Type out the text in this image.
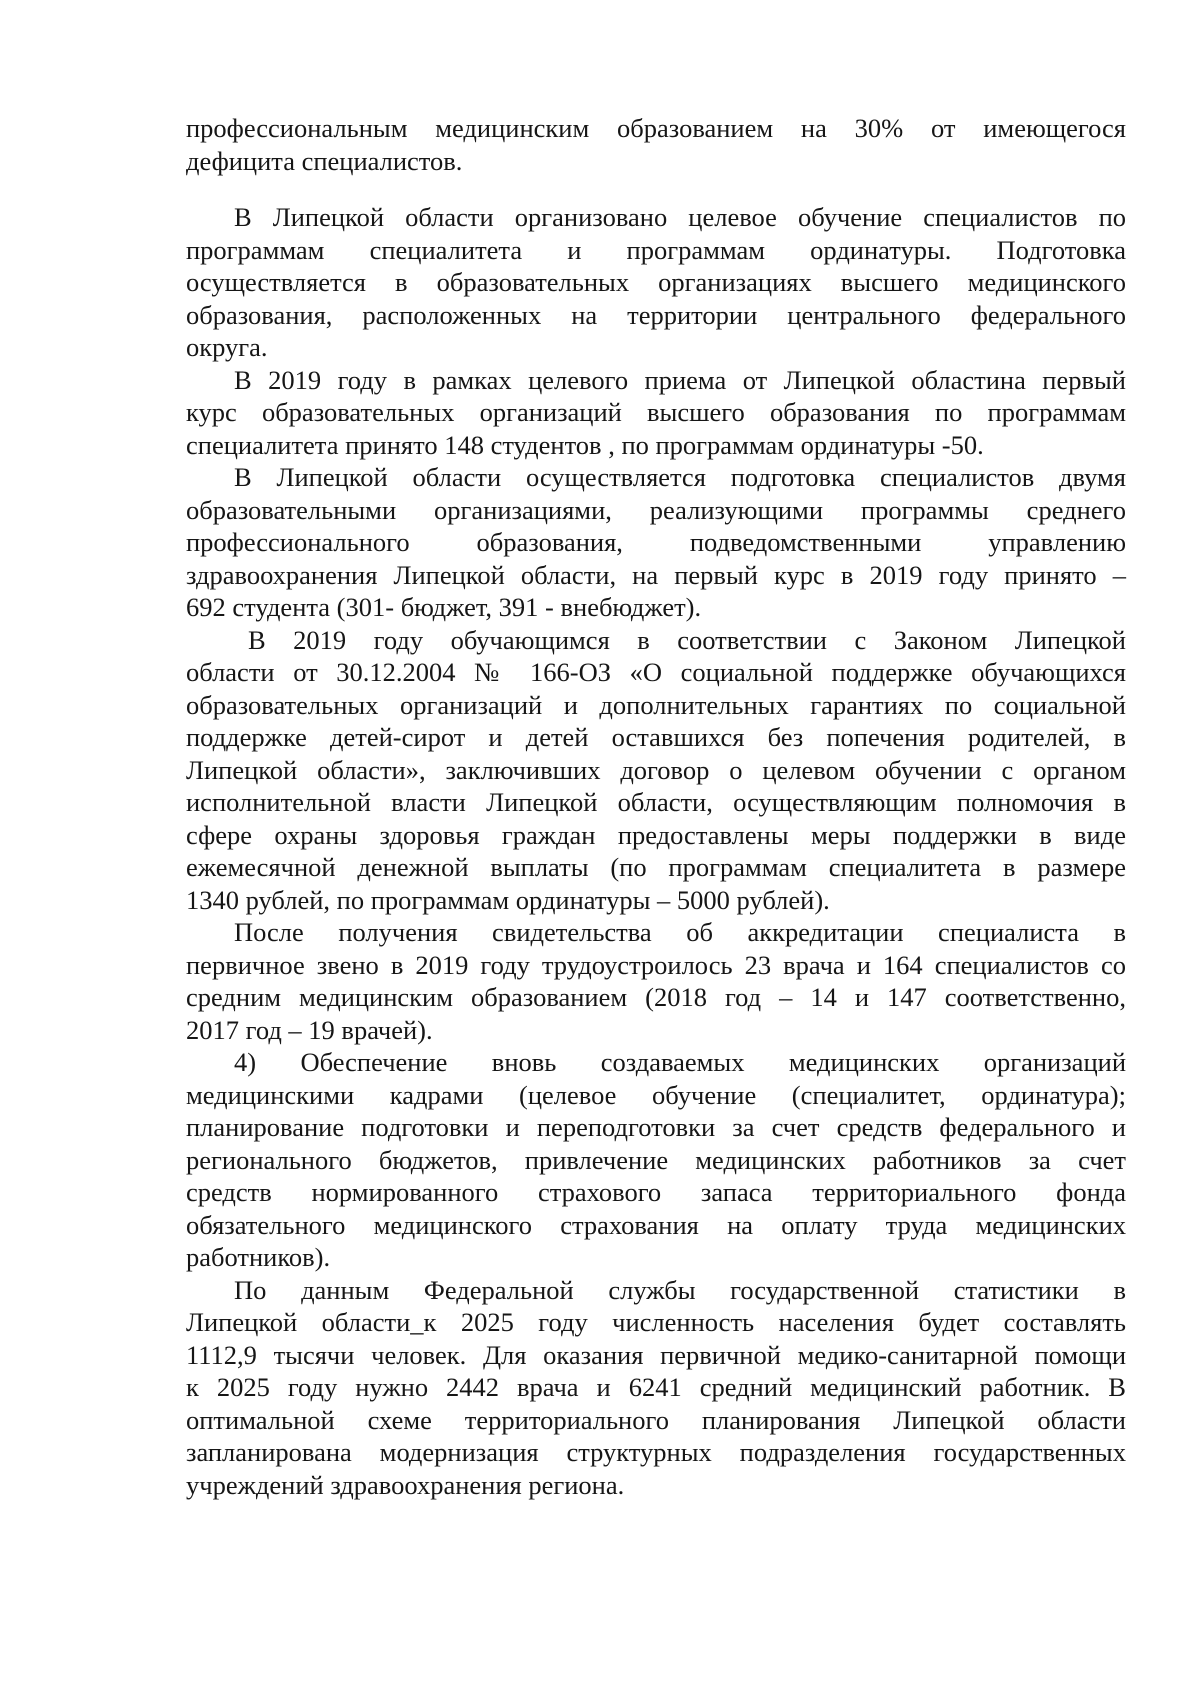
профессиональным медицинским образованием на 30% от имеющегося
дефицита специалистов.
В Липецкой области организовано целевое обучение специалистов по
программам специалитета и программам ординатуры. Подготовка
осуществляется в образовательных организациях высшего медицинского
образования, расположенных на территории центрального федерального
округа.
В 2019 году в рамках целевого приема от Липецкой областина первый
курс образовательных организаций высшего образования по программам
специалитета принято 148 студентов , по программам ординатуры -50.
В Липецкой области осуществляется подготовка специалистов двумя
образовательными организациями, реализующими программы среднего
профессионального образования, подведомственными управлению
здравоохранения Липецкой области, на первый курс в 2019 году принято –
692 студента (301- бюджет, 391 - внебюджет).
В 2019 году обучающимся в соответствии с Законом Липецкой
области от 30.12.2004 № 166-ОЗ «О социальной поддержке обучающихся
образовательных организаций и дополнительных гарантиях по социальной
поддержке детей-сирот и детей оставшихся без попечения родителей, в
Липецкой области», заключивших договор о целевом обучении с органом
исполнительной власти Липецкой области, осуществляющим полномочия в
сфере охраны здоровья граждан предоставлены меры поддержки в виде
ежемесячной денежной выплаты (по программам специалитета в размере
1340 рублей, по программам ординатуры – 5000 рублей).
После получения свидетельства об аккредитации специалиста в
первичное звено в 2019 году трудоустроилось 23 врача и 164 специалистов со
средним медицинским образованием (2018 год – 14 и 147 соответственно,
2017 год – 19 врачей).
4) Обеспечение вновь создаваемых медицинских организаций
медицинскими кадрами (целевое обучение (специалитет, ординатура);
планирование подготовки и переподготовки за счет средств федерального и
регионального бюджетов, привлечение медицинских работников за счет
средств нормированного страхового запаса территориального фонда
обязательного медицинского страхования на оплату труда медицинских
работников).
По данным Федеральной службы государственной статистики в
Липецкой области_к 2025 году численность населения будет составлять
1112,9 тысячи человек. Для оказания первичной медико-санитарной помощи
к 2025 году нужно 2442 врача и 6241 средний медицинский работник. В
оптимальной схеме территориального планирования Липецкой области
запланирована модернизация структурных подразделения государственных
учреждений здравоохранения региона.
